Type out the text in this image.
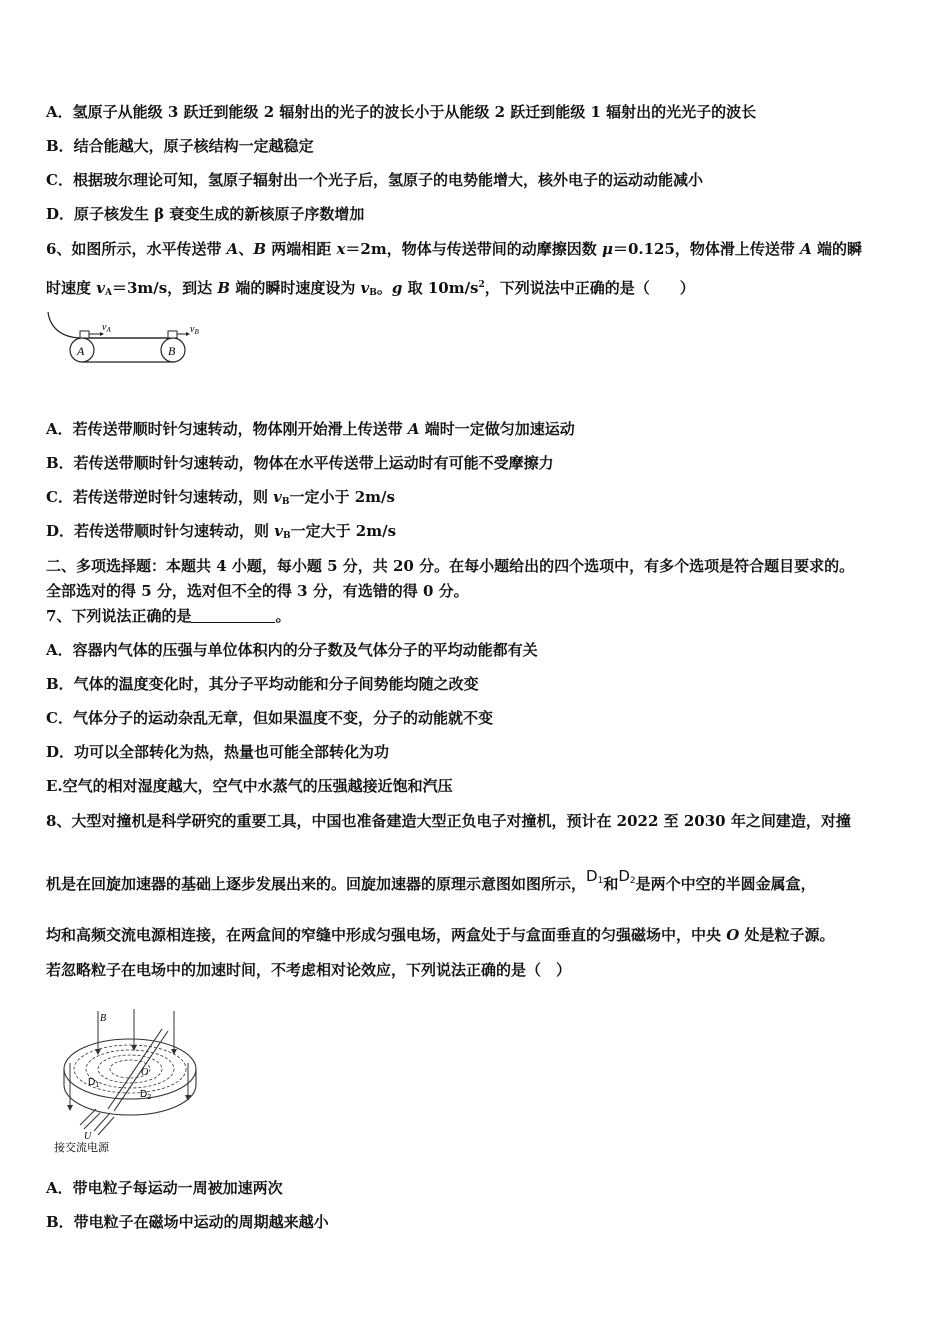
A．氢原子从能级 3 跃迁到能级 2 辐射出的光子的波长小于从能级 2 跃迁到能级 1 辐射出的光光子的波长
B．结合能越大，原子核结构一定越稳定
C．根据玻尔理论可知，氢原子辐射出一个光子后，氢原子的电势能增大，核外电子的运动动能减小
D．原子核发生 β 衰变生成的新核原子序数增加
6、如图所示，水平传送带 A、B 两端相距 x＝2m，物体与传送带间的动摩擦因数 μ＝0.125，物体滑上传送带 A 端的瞬
时速度 $v_A=3m/s$，到达 B 端的瞬时速度设为 $v_B$。g 取 $10m/s^2$，下列说法中正确的是（　　）
A	B
$v_A$	$v_B$
A．若传送带顺时针匀速转动，物体刚开始滑上传送带 A 端时一定做匀加速运动
B．若传送带顺时针匀速转动，物体在水平传送带上运动时有可能不受摩擦力
C．若传送带逆时针匀速转动，则 $v_B$一定小于 2m/s
D．若传送带顺时针匀速转动，则 $v_B$一定大于 2m/s
二、多项选择题：本题共 4 小题，每小题 5 分，共 20 分。在每小题给出的四个选项中，有多个选项是符合题目要求的。
全部选对的得 5 分，选对但不全的得 3 分，有选错的得 0 分。
7、下列说法正确的是	。
A．容器内气体的压强与单位体积内的分子数及气体分子的平均动能都有关
B．气体的温度变化时，其分子平均动能和分子间势能均随之改变
C．气体分子的运动杂乱无章，但如果温度不变，分子的动能就不变
D．功可以全部转化为热，热量也可能全部转化为功
E.空气的相对湿度越大，空气中水蒸气的压强越接近饱和汽压
8、大型对撞机是科学研究的重要工具，中国也准备建造大型正负电子对撞机，预计在 2022 至 2030 年之间建造，对撞
机是在回旋加速器的基础上逐步发展出来的。回旋加速器的原理示意图如图所示，$D^1$和$D^2$是两个中空的半圆金属盒，
均和高频交流电源相连接，在两盒间的窄缝中形成匀强电场，两盒处于与盒面垂直的匀强磁场中，中央 O 处是粒子源。
若忽略粒子在电场中的加速时间，不考虑相对论效应，下列说法正确的是（　）
B
$D_1$
$D_2$
O
U
接交流电源
A．带电粒子每运动一周被加速两次
B．带电粒子在磁场中运动的周期越来越小
